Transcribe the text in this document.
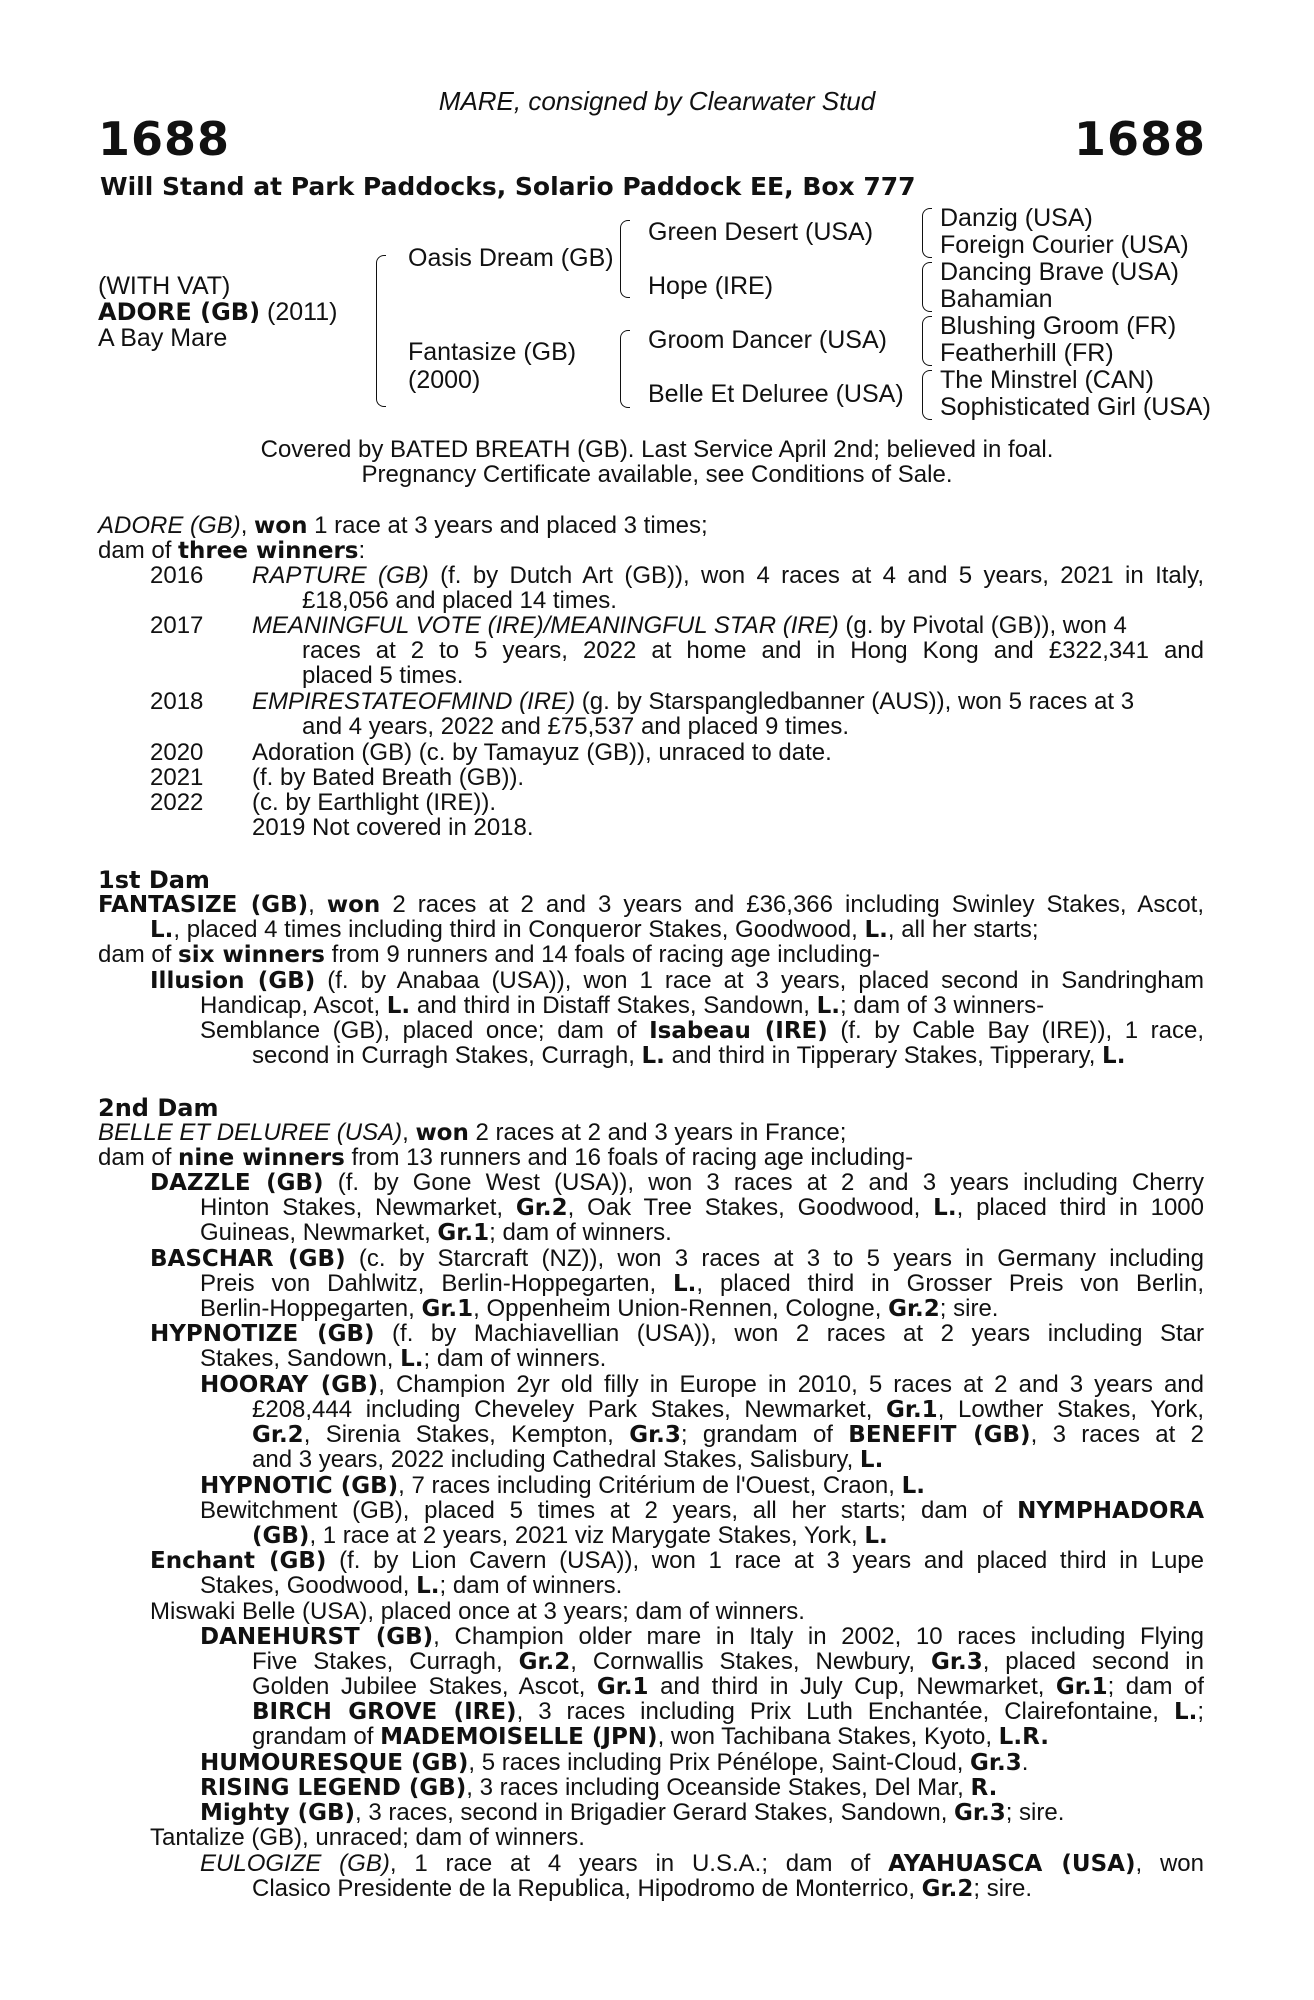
MARE, consigned by Clearwater Stud
1688	1688
Will Stand at Park Paddocks, Solario Paddock EE, Box 777
(WITH VAT)
ADORE (GB) (2011)
A Bay Mare
Oasis Dream (GB)
Fantasize (GB)
(2000)
Green Desert (USA)
Hope (IRE)
Groom Dancer (USA)
Belle Et Deluree (USA)
Danzig (USA)
Foreign Courier (USA)
Dancing Brave (USA)
Bahamian
Blushing Groom (FR)
Featherhill (FR)
The Minstrel (CAN)
Sophisticated Girl (USA)
Covered by BATED BREATH (GB). Last Service April 2nd; believed in foal.
Pregnancy Certificate available, see Conditions of Sale.
ADORE (GB), won 1 race at 3 years and placed 3 times;
dam of three winners:
2016 RAPTURE (GB) (f. by Dutch Art (GB)), won 4 races at 4 and 5 years, 2021 in Italy,
£18,056 and placed 14 times.
2017 MEANINGFUL VOTE (IRE)/MEANINGFUL STAR (IRE) (g. by Pivotal (GB)), won 4
races at 2 to 5 years, 2022 at home and in Hong Kong and £322,341 and
placed 5 times.
2018 EMPIRESTATEOFMIND (IRE) (g. by Starspangledbanner (AUS)), won 5 races at 3
and 4 years, 2022 and £75,537 and placed 9 times.
2020 Adoration (GB) (c. by Tamayuz (GB)), unraced to date.
2021 (f. by Bated Breath (GB)).
2022 (c. by Earthlight (IRE)).
2019 Not covered in 2018.
1st Dam
FANTASIZE (GB), won 2 races at 2 and 3 years and £36,366 including Swinley Stakes, Ascot,
L., placed 4 times including third in Conqueror Stakes, Goodwood, L., all her starts;
dam of six winners from 9 runners and 14 foals of racing age including-
Illusion (GB) (f. by Anabaa (USA)), won 1 race at 3 years, placed second in Sandringham
Handicap, Ascot, L. and third in Distaff Stakes, Sandown, L.; dam of 3 winners-
Semblance (GB), placed once; dam of Isabeau (IRE) (f. by Cable Bay (IRE)), 1 race,
second in Curragh Stakes, Curragh, L. and third in Tipperary Stakes, Tipperary, L.
2nd Dam
BELLE ET DELUREE (USA), won 2 races at 2 and 3 years in France;
dam of nine winners from 13 runners and 16 foals of racing age including-
DAZZLE (GB) (f. by Gone West (USA)), won 3 races at 2 and 3 years including Cherry
Hinton Stakes, Newmarket, Gr.2, Oak Tree Stakes, Goodwood, L., placed third in 1000
Guineas, Newmarket, Gr.1; dam of winners.
BASCHAR (GB) (c. by Starcraft (NZ)), won 3 races at 3 to 5 years in Germany including
Preis von Dahlwitz, Berlin-Hoppegarten, L., placed third in Grosser Preis von Berlin,
Berlin-Hoppegarten, Gr.1, Oppenheim Union-Rennen, Cologne, Gr.2; sire.
HYPNOTIZE (GB) (f. by Machiavellian (USA)), won 2 races at 2 years including Star
Stakes, Sandown, L.; dam of winners.
HOORAY (GB), Champion 2yr old filly in Europe in 2010, 5 races at 2 and 3 years and
£208,444 including Cheveley Park Stakes, Newmarket, Gr.1, Lowther Stakes, York,
Gr.2, Sirenia Stakes, Kempton, Gr.3; grandam of BENEFIT (GB), 3 races at 2
and 3 years, 2022 including Cathedral Stakes, Salisbury, L.
HYPNOTIC (GB), 7 races including Critérium de l'Ouest, Craon, L.
Bewitchment (GB), placed 5 times at 2 years, all her starts; dam of NYMPHADORA
(GB), 1 race at 2 years, 2021 viz Marygate Stakes, York, L.
Enchant (GB) (f. by Lion Cavern (USA)), won 1 race at 3 years and placed third in Lupe
Stakes, Goodwood, L.; dam of winners.
Miswaki Belle (USA), placed once at 3 years; dam of winners.
DANEHURST (GB), Champion older mare in Italy in 2002, 10 races including Flying
Five Stakes, Curragh, Gr.2, Cornwallis Stakes, Newbury, Gr.3, placed second in
Golden Jubilee Stakes, Ascot, Gr.1 and third in July Cup, Newmarket, Gr.1; dam of
BIRCH GROVE (IRE), 3 races including Prix Luth Enchantée, Clairefontaine, L.;
grandam of MADEMOISELLE (JPN), won Tachibana Stakes, Kyoto, L.R.
HUMOURESQUE (GB), 5 races including Prix Pénélope, Saint-Cloud, Gr.3.
RISING LEGEND (GB), 3 races including Oceanside Stakes, Del Mar, R.
Mighty (GB), 3 races, second in Brigadier Gerard Stakes, Sandown, Gr.3; sire.
Tantalize (GB), unraced; dam of winners.
EULOGIZE (GB), 1 race at 4 years in U.S.A.; dam of AYAHUASCA (USA), won
Clasico Presidente de la Republica, Hipodromo de Monterrico, Gr.2; sire.
